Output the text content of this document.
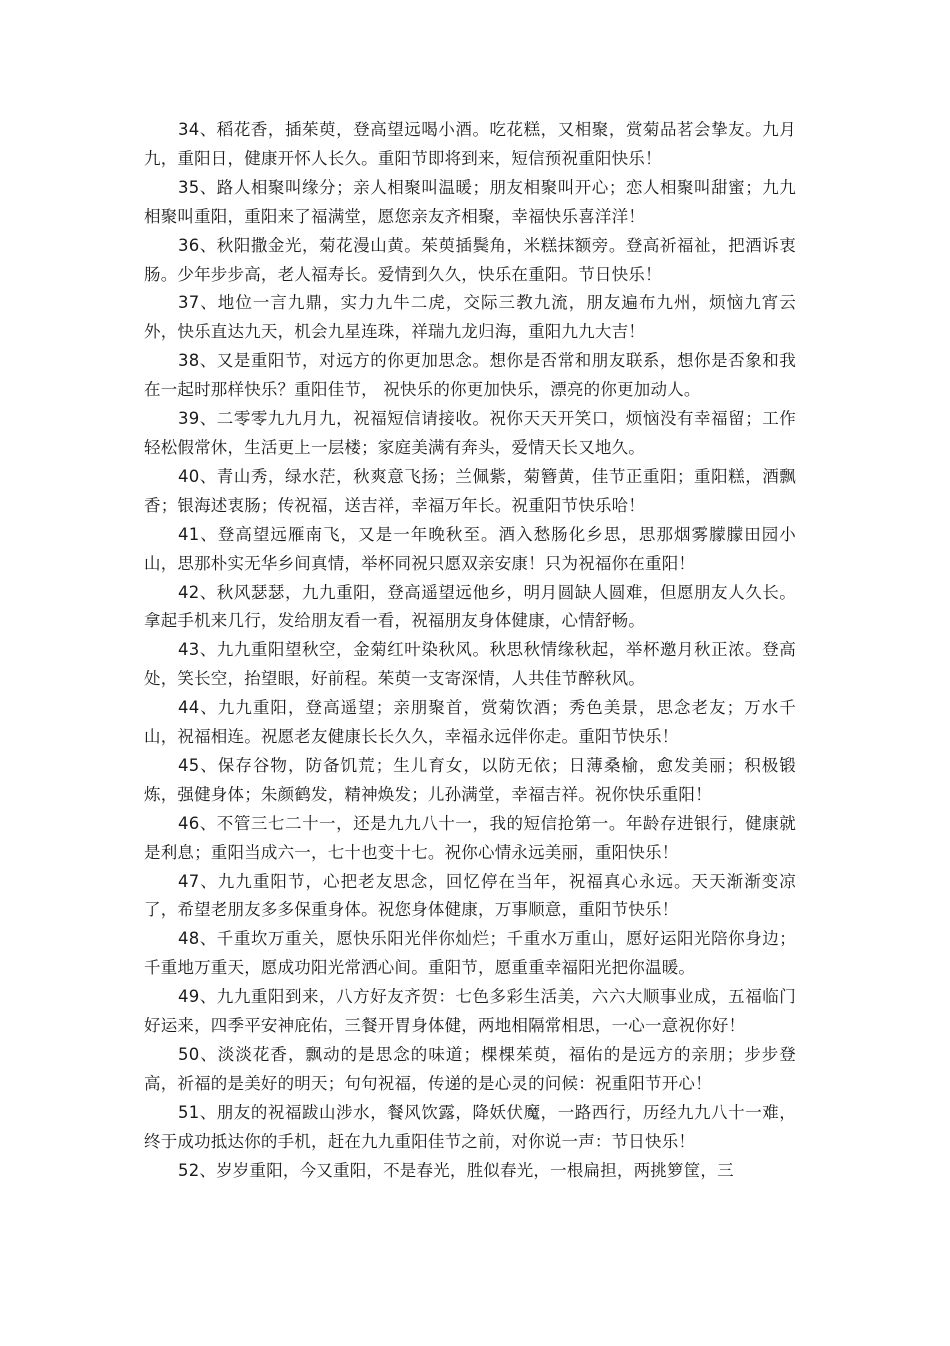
34、稻花香，插茱萸，登高望远喝小酒。吃花糕，又相聚，赏菊品茗会挚友。九月九，重阳日，健康开怀人长久。重阳节即将到来，短信预祝重阳快乐！

35、路人相聚叫缘分；亲人相聚叫温暖；朋友相聚叫开心；恋人相聚叫甜蜜；九九相聚叫重阳，重阳来了福满堂，愿您亲友齐相聚，幸福快乐喜洋洋！

36、秋阳撒金光，菊花漫山黄。茱萸插鬓角，米糕抹额旁。登高祈福祉，把酒诉衷肠。少年步步高，老人福寿长。爱情到久久，快乐在重阳。节日快乐！

37、地位一言九鼎，实力九牛二虎，交际三教九流，朋友遍布九州，烦恼九宵云外，快乐直达九天，机会九星连珠，祥瑞九龙归海，重阳九九大吉！

38、又是重阳节，对远方的你更加思念。想你是否常和朋友联系，想你是否象和我在一起时那样快乐？重阳佳节， 祝快乐的你更加快乐，漂亮的你更加动人。

39、二零零九九月九，祝福短信请接收。祝你天天开笑口，烦恼没有幸福留；工作轻松假常休，生活更上一层楼；家庭美满有奔头，爱情天长又地久。

40、青山秀，绿水茫，秋爽意飞扬；兰佩紫，菊簪黄，佳节正重阳；重阳糕，酒飘香；银海述衷肠；传祝福，送吉祥，幸福万年长。祝重阳节快乐哈！

41、登高望远雁南飞，又是一年晚秋至。酒入愁肠化乡思，思那烟雾朦朦田园小山，思那朴实无华乡间真情，举杯同祝只愿双亲安康！只为祝福你在重阳！

42、秋风瑟瑟，九九重阳，登高遥望远他乡，明月圆缺人圆难，但愿朋友人久长。拿起手机来几行，发给朋友看一看，祝福朋友身体健康，心情舒畅。

43、九九重阳望秋空，金菊红叶染秋风。秋思秋情缘秋起，举杯邀月秋正浓。登高处，笑长空，抬望眼，好前程。茱萸一支寄深情，人共佳节醉秋风。

44、九九重阳，登高遥望；亲朋聚首，赏菊饮酒；秀色美景，思念老友；万水千山，祝福相连。祝愿老友健康长长久久，幸福永远伴你走。重阳节快乐！

45、保存谷物，防备饥荒；生儿育女，以防无依；日薄桑榆，愈发美丽；积极锻炼，强健身体；朱颜鹤发，精神焕发；儿孙满堂，幸福吉祥。祝你快乐重阳！

46、不管三七二十一，还是九九八十一，我的短信抢第一。年龄存进银行，健康就是利息；重阳当成六一，七十也变十七。祝你心情永远美丽，重阳快乐！

47、九九重阳节，心把老友思念，回忆停在当年，祝福真心永远。天天渐渐变凉了，希望老朋友多多保重身体。祝您身体健康，万事顺意，重阳节快乐！

48、千重坎万重关，愿快乐阳光伴你灿烂；千重水万重山，愿好运阳光陪你身边；千重地万重天，愿成功阳光常洒心间。重阳节，愿重重幸福阳光把你温暖。

49、九九重阳到来，八方好友齐贺：七色多彩生活美，六六大顺事业成，五福临门好运来，四季平安神庇佑，三餐开胃身体健，两地相隔常相思，一心一意祝你好！

50、淡淡花香，飘动的是思念的味道；棵棵茱萸，福佑的是远方的亲朋；步步登高，祈福的是美好的明天；句句祝福，传递的是心灵的问候：祝重阳节开心！

51、朋友的祝福跋山涉水，餐风饮露，降妖伏魔，一路西行，历经九九八十一难，终于成功抵达你的手机，赶在九九重阳佳节之前，对你说一声：节日快乐！

52、岁岁重阳，今又重阳，不是春光，胜似春光，一根扁担，两挑箩筐，三
